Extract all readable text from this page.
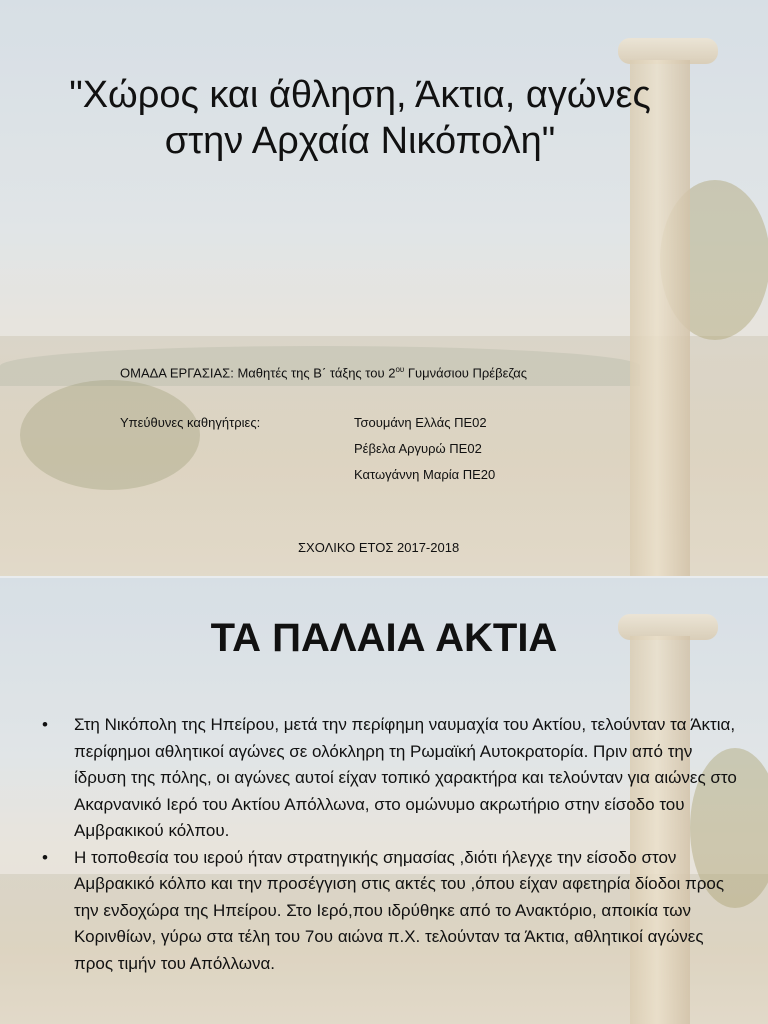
"Χώρος και άθληση, Άκτια, αγώνες στην Αρχαία Νικόπολη"
ΟΜΑΔΑ ΕΡΓΑΣΙΑΣ: Μαθητές της Β΄ τάξης του $2^{o\upsilon}$ Γυμνάσιου Πρέβεζας
Υπεύθυνες καθηγήτριες:	Τσουμάνη Ελλάς ΠΕ02
Ρέβελα Αργυρώ ΠΕ02
Κατωγάννη Μαρία ΠΕ20
ΣΧΟΛΙΚΟ ΕΤΟΣ 2017-2018
ΤΑ ΠΑΛΑΙΑ ΑΚΤΙΑ
• Στη Νικόπολη της Ηπείρου, μετά την περίφημη ναυμαχία του Ακτίου, τελούνταν τα Άκτια, περίφημοι αθλητικοί αγώνες σε ολόκληρη τη Ρωμαϊκή Αυτοκρατορία. Πριν από την ίδρυση της πόλης, οι αγώνες αυτοί είχαν τοπικό χαρακτήρα και τελούνταν για αιώνες στο Ακαρνανικό Ιερό του Ακτίου Απόλλωνα, στο ομώνυμο ακρωτήριο στην είσοδο του Αμβρακικού κόλπου.
• Η τοποθεσία του ιερού ήταν στρατηγικής σημασίας ,διότι ήλεγχε την είσοδο στον Αμβρακικό κόλπο και την προσέγγιση στις ακτές του ,όπου είχαν αφετηρία δίοδοι προς την ενδοχώρα της Ηπείρου. Στο Ιερό,που ιδρύθηκε από το Ανακτόριο, αποικία των Κορινθίων, γύρω στα τέλη του 7ου αιώνα π.Χ. τελούνταν τα Άκτια, αθλητικοί αγώνες προς τιμήν του Απόλλωνα.
